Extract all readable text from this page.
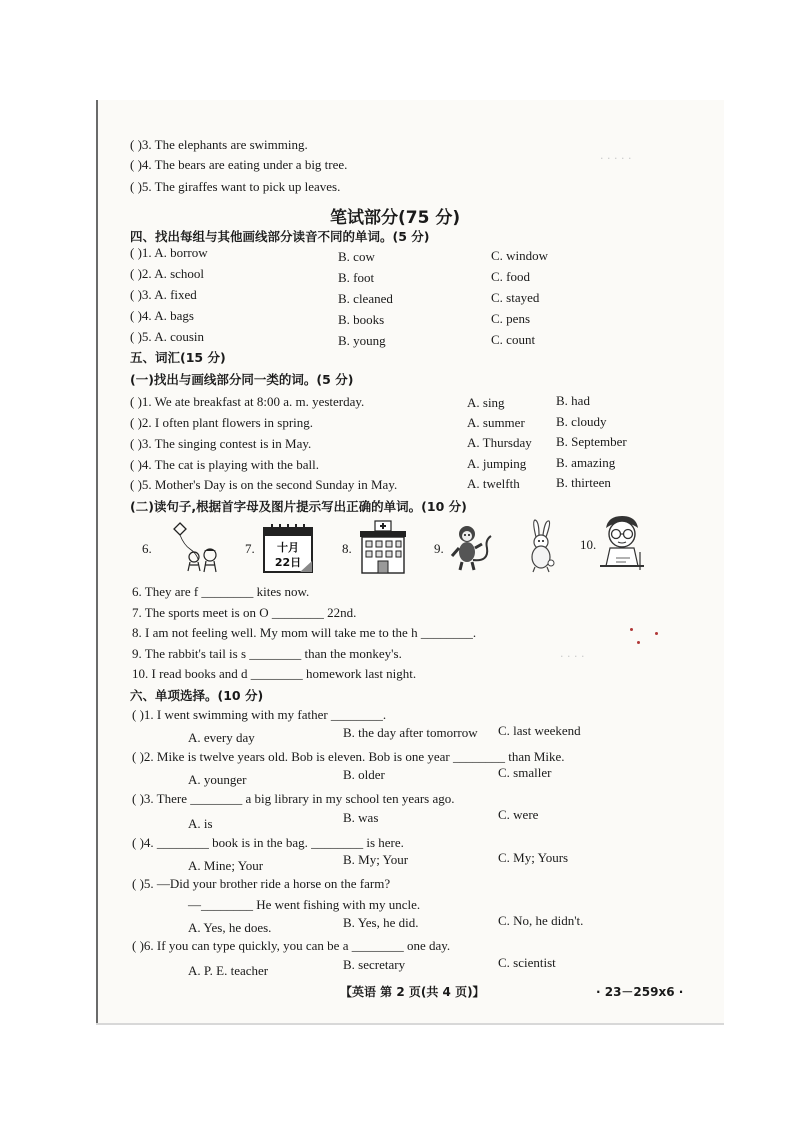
· · · · ·
· · · ·
( )3. The elephants are swimming.
( )4. The bears are eating under a big tree.
( )5. The giraffes want to pick up leaves.
笔试部分(75 分)
四、找出每组与其他画线部分读音不同的单词。(5 分)
( )1. A. borrow	B. cow	C. window
( )2. A. school	B. foot	C. food
( )3. A. fixed	B. cleaned	C. stayed
( )4. A. bags	B. books	C. pens
( )5. A. cousin	B. young	C. count
五、词汇(15 分)
(一)找出与画线部分同一类的词。(5 分)
( )1. We ate breakfast at 8:00 a. m. yesterday.	A. sing	B. had
( )2. I often plant flowers in spring.	A. summer B. cloudy
( )3. The singing contest is in May.	A. Thursday B. September
( )4. The cat is playing with the ball.	A. jumping B. amazing
( )5. Mother's Day is on the second Sunday in May.	A. twelfth	B. thirteen
(二)读句子,根据首字母及图片提示写出正确的单词。(10 分)
6.	7. 十月
22日
8.	9.	10.
6. They are f ________ kites now.
7. The sports meet is on O ________ 22nd.
8. I am not feeling well. My mom will take me to the h ________.
9. The rabbit's tail is s ________ than the monkey's.
10. I read books and d ________ homework last night.
六、单项选择。(10 分)
( )1. I went swimming with my father ________.
A. every day	B. the day after tomorrow C. last weekend
( )2. Mike is twelve years old. Bob is eleven. Bob is one year ________ than Mike.
A. younger	B. older	C. smaller
( )3. There ________ a big library in my school ten years ago.
A. is	B. was	C. were
( )4. ________ book is in the bag. ________ is here.
A. Mine; Your	B. My; Your	C. My; Yours
( )5. —Did your brother ride a horse on the farm?
—________ He went fishing with my uncle.
A. Yes, he does.	B. Yes, he did.	C. No, he didn't.
( )6. If you can type quickly, you can be a ________ one day.
A. P. E. teacher	B. secretary	C. scientist
【英语 第 2 页(共 4 页)】	· 23－259x6 ·
